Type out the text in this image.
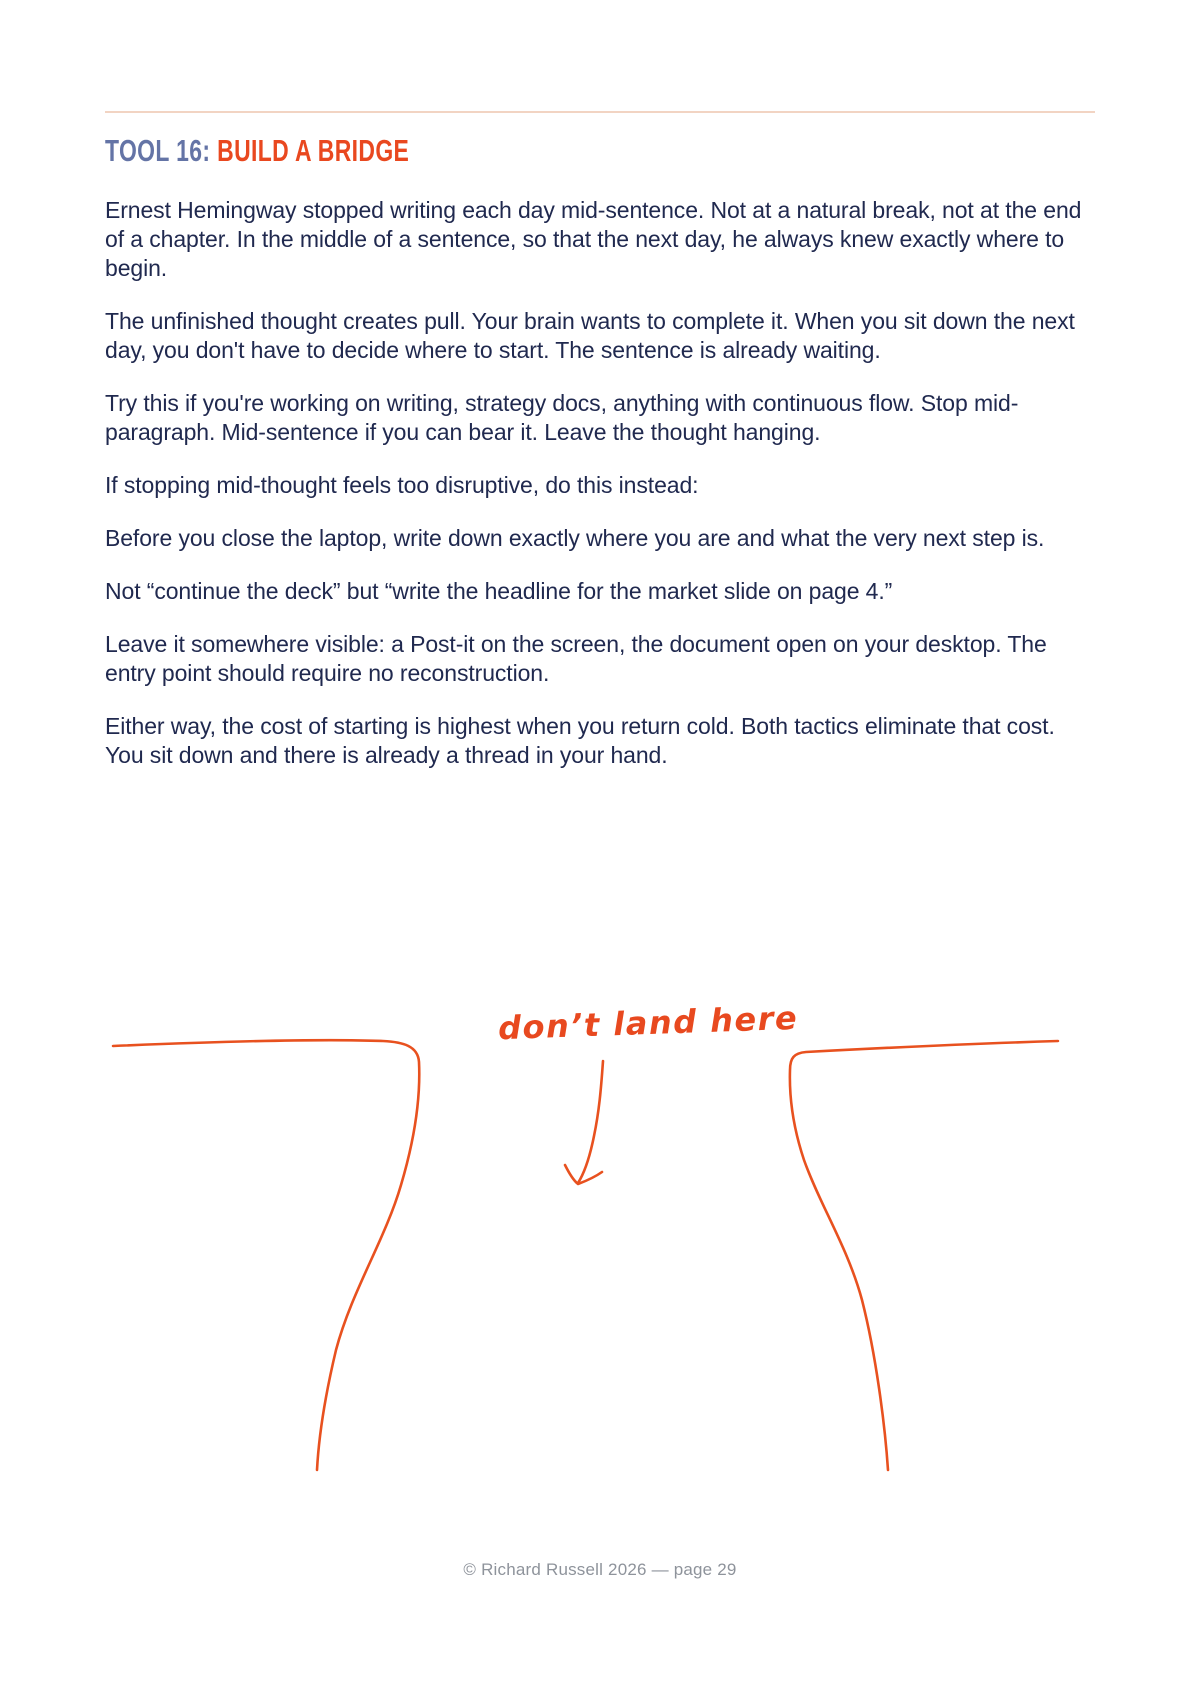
TOOL 16: BUILD A BRIDGE

Ernest Hemingway stopped writing each day mid-sentence. Not at a natural break, not at the end of a chapter. In the middle of a sentence, so that the next day, he always knew exactly where to begin.

The unfinished thought creates pull. Your brain wants to complete it. When you sit down the next day, you don't have to decide where to start. The sentence is already waiting.

Try this if you're working on writing, strategy docs, anything with continuous flow. Stop mid-paragraph. Mid-sentence if you can bear it. Leave the thought hanging.

If stopping mid-thought feels too disruptive, do this instead:

Before you close the laptop, write down exactly where you are and what the very next step is.

Not “continue the deck” but “write the headline for the market slide on page 4.”

Leave it somewhere visible: a Post-it on the screen, the document open on your desktop. The entry point should require no reconstruction.

Either way, the cost of starting is highest when you return cold. Both tactics eliminate that cost. You sit down and there is already a thread in your hand.

don’t land here
© Richard Russell 2026 — page 29
